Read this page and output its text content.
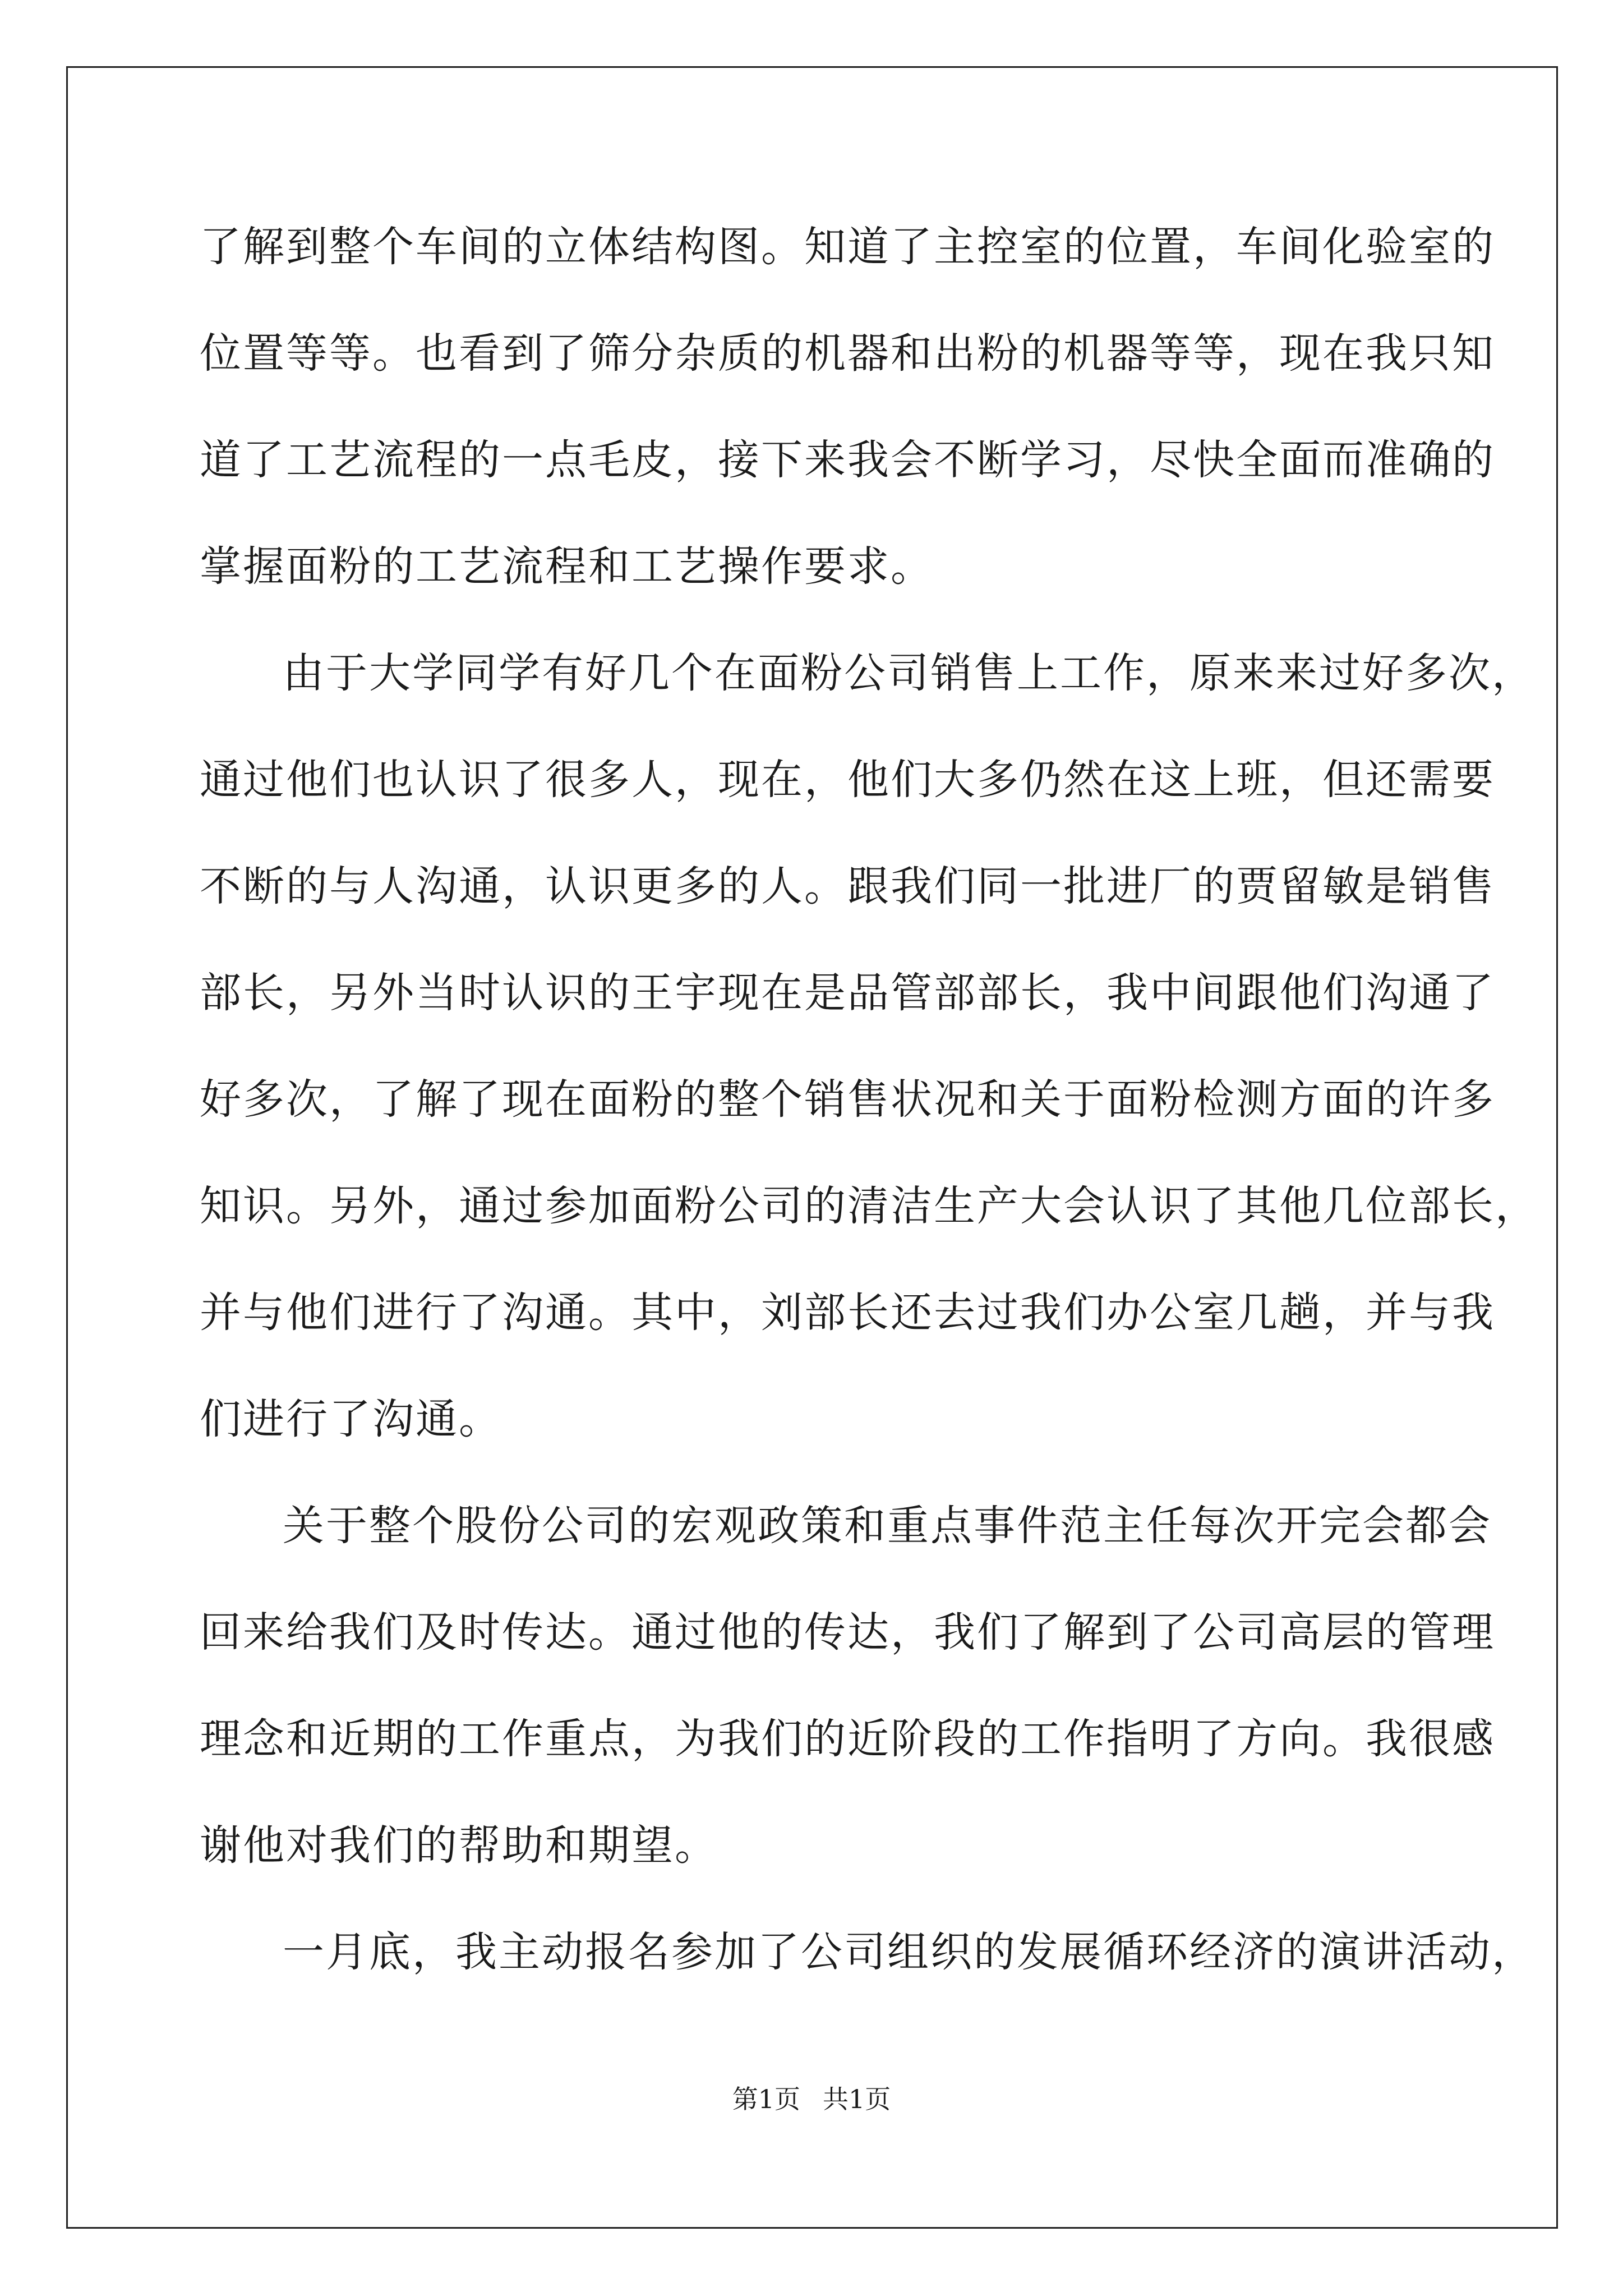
了解到整个车间的立体结构图。知道了主控室的位置，车间化验室的
位置等等。也看到了筛分杂质的机器和出粉的机器等等，现在我只知
道了工艺流程的一点毛皮，接下来我会不断学习，尽快全面而准确的
掌握面粉的工艺流程和工艺操作要求。
由于大学同学有好几个在面粉公司销售上工作，原来来过好多次，
通过他们也认识了很多人，现在，他们大多仍然在这上班，但还需要
不断的与人沟通，认识更多的人。跟我们同一批进厂的贾留敏是销售
部长，另外当时认识的王宇现在是品管部部长，我中间跟他们沟通了
好多次，了解了现在面粉的整个销售状况和关于面粉检测方面的许多
知识。另外，通过参加面粉公司的清洁生产大会认识了其他几位部长，
并与他们进行了沟通。其中，刘部长还去过我们办公室几趟，并与我
们进行了沟通。
关于整个股份公司的宏观政策和重点事件范主任每次开完会都会
回来给我们及时传达。通过他的传达，我们了解到了公司高层的管理
理念和近期的工作重点，为我们的近阶段的工作指明了方向。我很感
谢他对我们的帮助和期望。
一月底，我主动报名参加了公司组织的发展循环经济的演讲活动，
第1页 共1页
